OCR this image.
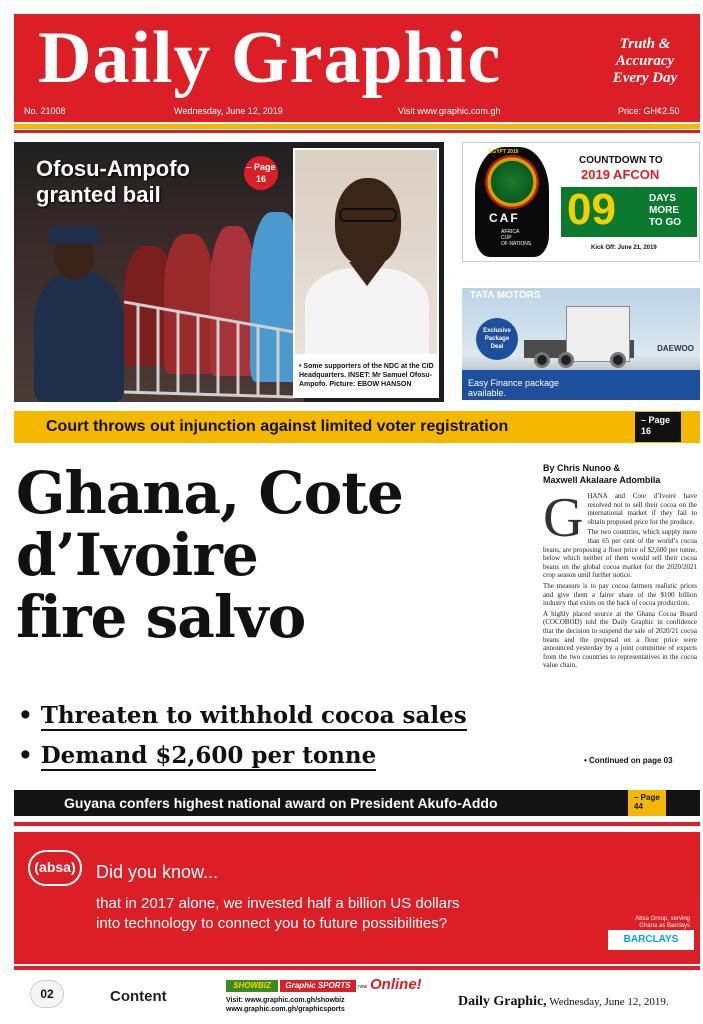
Daily Graphic	Truth &
Accuracy
Every Day
No. 21008	Wednesday, June 12, 2019	Visit www.graphic.com.gh	Price: GH¢2.50
Ofosu-Ampofo
granted bail
– Page
16
• Some supporters of the NDC at the CID Headquarters. INSET: Mr Samuel Ofosu-Ampofo. Picture: EBOW HANSON
EGYPT 2019
CAF
AFRICA
CUP
OF NATIONS
COUNTDOWN TO
2019 AFCON
09	DAYS
MORE
TO GO
Kick Off: June 21, 2019
TATA MOTORS
Exclusive
Package
Deal	DAEWOO
Easy Finance package
available.
Court throws out injunction against limited voter registration	– Page
16
Ghana, Cote
d’Ivoire
fire salvo
• Threaten to withhold cocoa sales
• Demand $2,600 per tonne
By Chris Nunoo &
Maxwell Akalaare Adombila

GHANA and Cote d’Ivoire have resolved not to sell their cocoa on the international market if they fail to obtain proposed price for the produce.

The two countries, which supply more than 65 per cent of the world’s cocoa beans, are proposing a floor price of $2,600 per tonne, below which neither of them would sell their cocoa beans on the global cocoa market for the 2020/2021 crop season until further notice.

The measure is to pay cocoa farmers realistic prices and give them a fairer share of the $100 billion industry that exists on the back of cocoa production.

A highly placed source at the Ghana Cocoa Board (COCOBOD) told the Daily Graphic in confidence that the decision to suspend the sale of 2020/21 cocoa beans and the proposal on a floor price were announced yesterday by a joint committee of experts from the two countries to representatives in the cocoa value chain,

• Continued on page 03
Guyana confers highest national award on President Akufo-Addo	– Page
44
(absa)	Did you know...
that in 2017 alone, we invested half a billion US dollars
into technology to connect you to future possibilities?	Absa Group, serving
Ghana as Barclays
BARCLAYS
02	Content
SHOWBIZ	Graphic SPORTS	now Online!
Visit: www.graphic.com.gh/showbiz
www.graphic.com.gh/graphicsports
Daily Graphic, Wednesday, June 12, 2019.
